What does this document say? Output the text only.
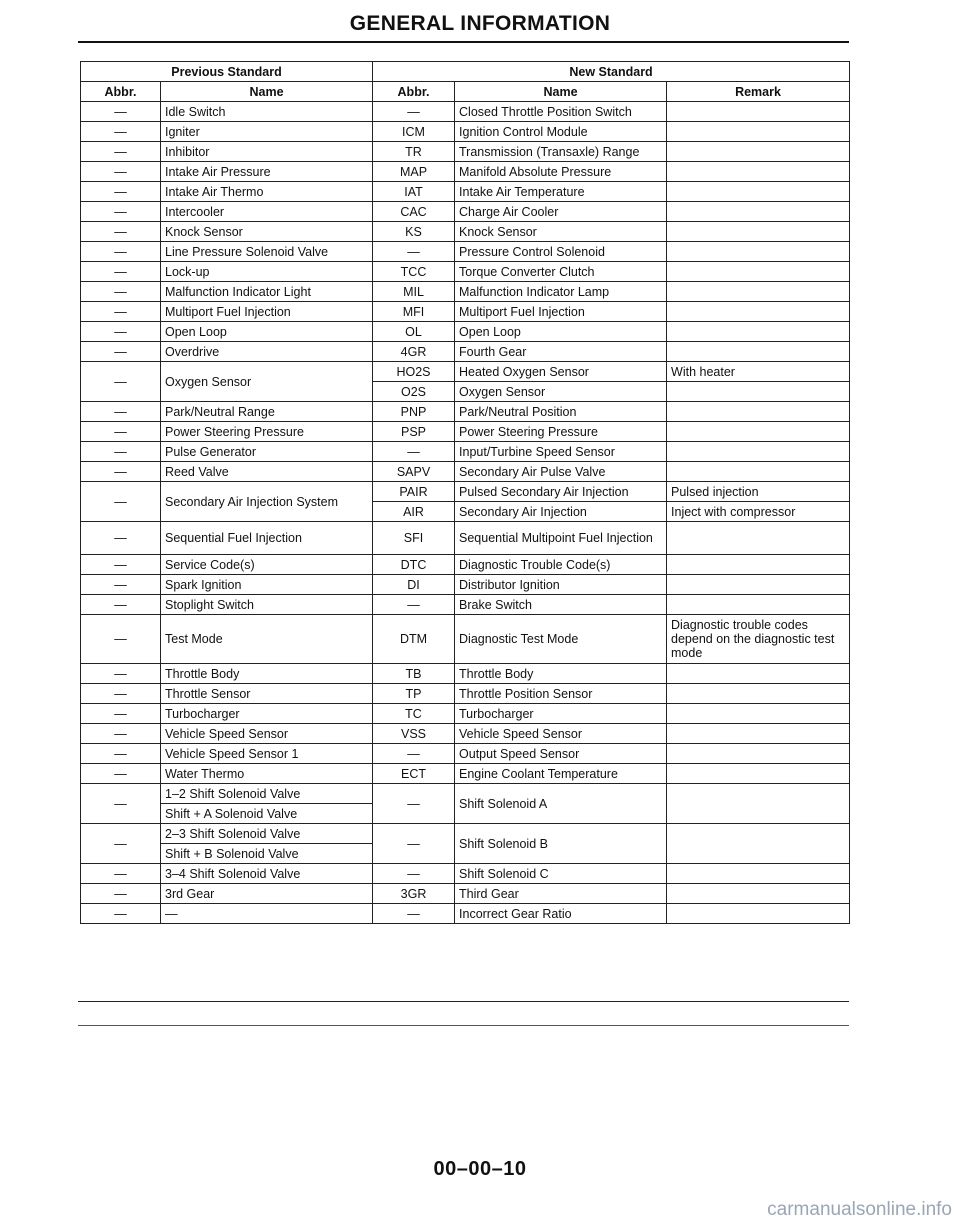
GENERAL INFORMATION
Previous Standard		New Standard		
Abbr.	Name	Abbr.	Name	Remark
—	Idle Switch	—	Closed Throttle Position Switch	
—	Igniter	ICM	Ignition Control Module	
—	Inhibitor	TR	Transmission (Transaxle) Range	
—	Intake Air Pressure	MAP	Manifold Absolute Pressure	
—	Intake Air Thermo	IAT	Intake Air Temperature	
—	Intercooler	CAC	Charge Air Cooler	
—	Knock Sensor	KS	Knock Sensor	
—	Line Pressure Solenoid Valve	—	Pressure Control Solenoid	
—	Lock-up	TCC	Torque Converter Clutch	
—	Malfunction Indicator Light	MIL	Malfunction Indicator Lamp	
—	Multiport Fuel Injection	MFI	Multiport Fuel Injection	
—	Open Loop	OL	Open Loop	
—	Overdrive	4GR	Fourth Gear	
—	Oxygen Sensor	HO2S	Heated Oxygen Sensor	With heater
		O2S	Oxygen Sensor	
—	Park/Neutral Range	PNP	Park/Neutral Position	
—	Power Steering Pressure	PSP	Power Steering Pressure	
—	Pulse Generator	—	Input/Turbine Speed Sensor	
—	Reed Valve	SAPV	Secondary Air Pulse Valve	
—	Secondary Air Injection System	PAIR	Pulsed Secondary Air Injection	Pulsed injection
		AIR	Secondary Air Injection	Inject with compressor
—	Sequential Fuel Injection	SFI	Sequential Multipoint Fuel Injection	
—	Service Code(s)	DTC	Diagnostic Trouble Code(s)	
—	Spark Ignition	DI	Distributor Ignition	
—	Stoplight Switch	—	Brake Switch	
—	Test Mode	DTM	Diagnostic Test Mode	Diagnostic trouble codes depend on the diagnostic test mode
—	Throttle Body	TB	Throttle Body	
—	Throttle Sensor	TP	Throttle Position Sensor	
—	Turbocharger	TC	Turbocharger	
—	Vehicle Speed Sensor	VSS	Vehicle Speed Sensor	
—	Vehicle Speed Sensor 1	—	Output Speed Sensor	
—	Water Thermo	ECT	Engine Coolant Temperature	
—	1–2 Shift Solenoid Valve	—	Shift Solenoid A	
	Shift + A Solenoid Valve			
—	2–3 Shift Solenoid Valve	—	Shift Solenoid B	
	Shift + B Solenoid Valve			
—	3–4 Shift Solenoid Valve	—	Shift Solenoid C	
—	3rd Gear	3GR	Third Gear	
—	—	—	Incorrect Gear Ratio	
00–00–10
carmanualsonline.info
